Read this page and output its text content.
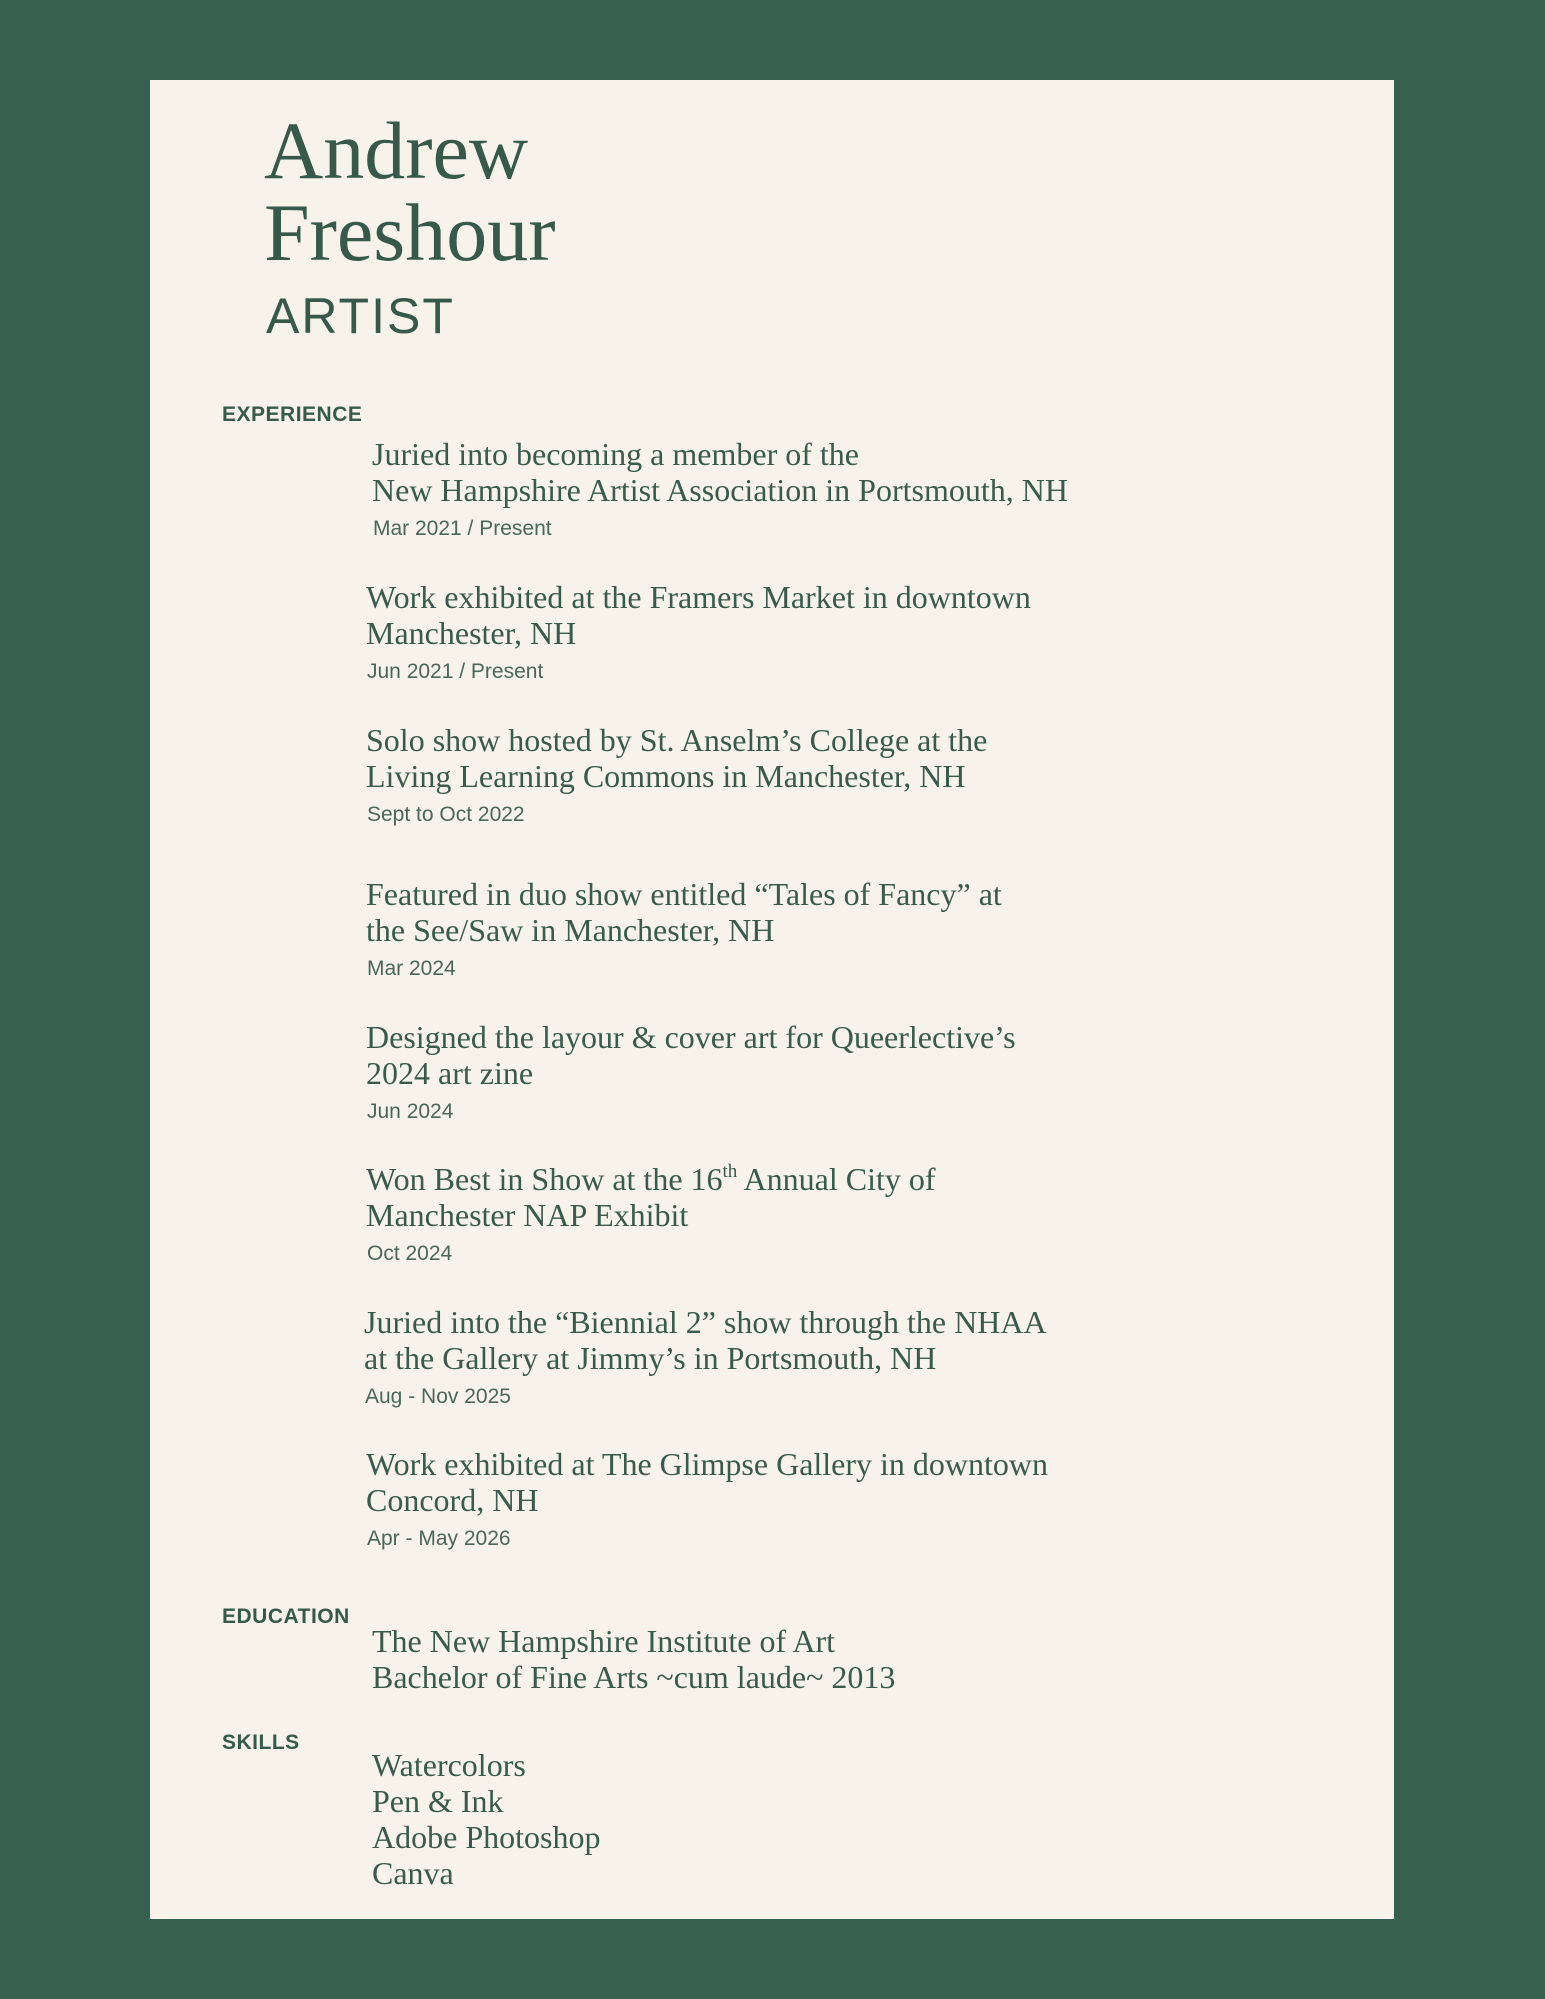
Andrew
Freshour
ARTIST
EXPERIENCE
Juried into becoming a member of the
New Hampshire Artist Association in Portsmouth, NH
Mar 2021 / Present
Work exhibited at the Framers Market in downtown
Manchester, NH
Jun 2021 / Present
Solo show hosted by St. Anselm’s College at the
Living Learning Commons in Manchester, NH
Sept to Oct 2022
Featured in duo show entitled “Tales of Fancy” at
the See/Saw in Manchester, NH
Mar 2024
Designed the layour & cover art for Queerlective’s
2024 art zine
Jun 2024
Won Best in Show at the 16th Annual City of
Manchester NAP Exhibit
Oct 2024
Juried into the “Biennial 2” show through the NHAA
at the Gallery at Jimmy’s in Portsmouth, NH
Aug - Nov 2025
Work exhibited at The Glimpse Gallery in downtown
Concord, NH
Apr - May 2026
EDUCATION
The New Hampshire Institute of Art
Bachelor of Fine Arts ~cum laude~ 2013
SKILLS
Watercolors
Pen & Ink
Adobe Photoshop
Canva
